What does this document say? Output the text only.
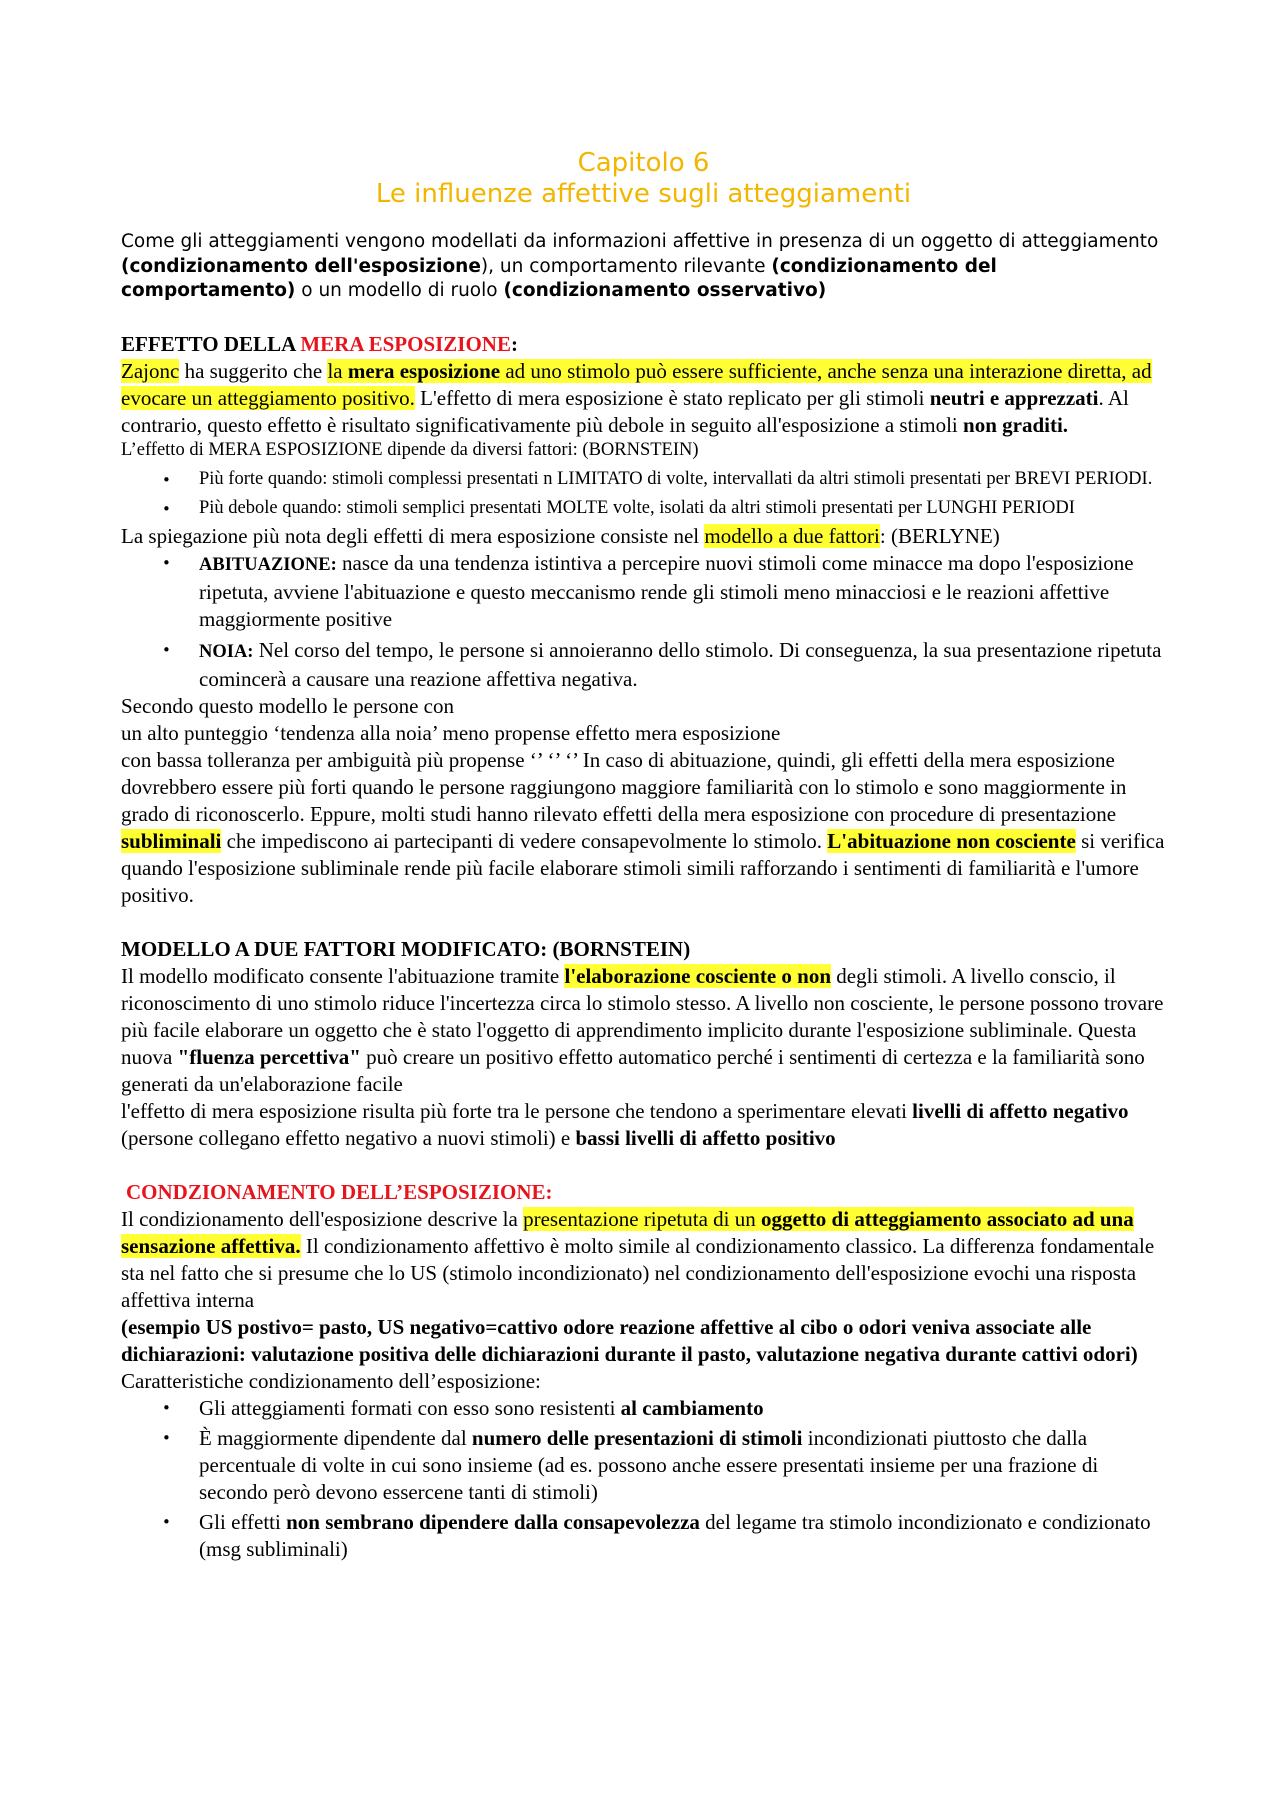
Capitolo 6
Le influenze affettive sugli atteggiamenti
Come gli atteggiamenti vengono modellati da informazioni affettive in presenza di un oggetto di atteggiamento (condizionamento dell'esposizione), un comportamento rilevante (condizionamento del comportamento) o un modello di ruolo (condizionamento osservativo)
EFFETTO DELLA MERA ESPOSIZIONE:
Zajonc ha suggerito che la mera esposizione ad uno stimolo può essere sufficiente, anche senza una interazione diretta, ad evocare un atteggiamento positivo. L'effetto di mera esposizione è stato replicato per gli stimoli neutri e apprezzati. Al contrario, questo effetto è risultato significativamente più debole in seguito all'esposizione a stimoli non graditi.
L’effetto di MERA ESPOSIZIONE dipende da diversi fattori: (BORNSTEIN)
• Più forte quando: stimoli complessi presentati n LIMITATO di volte, intervallati da altri stimoli presentati per BREVI PERIODI.
• Più debole quando: stimoli semplici presentati MOLTE volte, isolati da altri stimoli presentati per LUNGHI PERIODI
La spiegazione più nota degli effetti di mera esposizione consiste nel modello a due fattori: (BERLYNE)
• ABITUAZIONE: nasce da una tendenza istintiva a percepire nuovi stimoli come minacce ma dopo l'esposizione ripetuta, avviene l'abituazione e questo meccanismo rende gli stimoli meno minacciosi e le reazioni affettive maggiormente positive
• NOIA: Nel corso del tempo, le persone si annoieranno dello stimolo. Di conseguenza, la sua presentazione ripetuta comincerà a causare una reazione affettiva negativa.
Secondo questo modello le persone con
un alto punteggio ‘tendenza alla noia’ meno propense effetto mera esposizione
con bassa tolleranza per ambiguità più propense ‘’ ‘’ ‘’ In caso di abituazione, quindi, gli effetti della mera esposizione dovrebbero essere più forti quando le persone raggiungono maggiore familiarità con lo stimolo e sono maggiormente in grado di riconoscerlo. Eppure, molti studi hanno rilevato effetti della mera esposizione con procedure di presentazione subliminali che impediscono ai partecipanti di vedere consapevolmente lo stimolo. L'abituazione non cosciente si verifica quando l'esposizione subliminale rende più facile elaborare stimoli simili rafforzando i sentimenti di familiarità e l'umore positivo.
MODELLO A DUE FATTORI MODIFICATO: (BORNSTEIN)
Il modello modificato consente l'abituazione tramite l'elaborazione cosciente o non degli stimoli. A livello conscio, il riconoscimento di uno stimolo riduce l'incertezza circa lo stimolo stesso. A livello non cosciente, le persone possono trovare più facile elaborare un oggetto che è stato l'oggetto di apprendimento implicito durante l'esposizione subliminale. Questa nuova "fluenza percettiva" può creare un positivo effetto automatico perché i sentimenti di certezza e la familiarità sono generati da un'elaborazione facile
l'effetto di mera esposizione risulta più forte tra le persone che tendono a sperimentare elevati livelli di affetto negativo (persone collegano effetto negativo a nuovi stimoli) e bassi livelli di affetto positivo
CONDZIONAMENTO DELL’ESPOSIZIONE:
Il condizionamento dell'esposizione descrive la presentazione ripetuta di un oggetto di atteggiamento associato ad una sensazione affettiva. Il condizionamento affettivo è molto simile al condizionamento classico. La differenza fondamentale sta nel fatto che si presume che lo US (stimolo incondizionato) nel condizionamento dell'esposizione evochi una risposta affettiva interna
(esempio US postivo= pasto, US negativo=cattivo odore reazione affettive al cibo o odori veniva associate alle dichiarazioni: valutazione positiva delle dichiarazioni durante il pasto, valutazione negativa durante cattivi odori)
Caratteristiche condizionamento dell’esposizione:
• Gli atteggiamenti formati con esso sono resistenti al cambiamento
• È maggiormente dipendente dal numero delle presentazioni di stimoli incondizionati piuttosto che dalla percentuale di volte in cui sono insieme (ad es. possono anche essere presentati insieme per una frazione di secondo però devono essercene tanti di stimoli)
• Gli effetti non sembrano dipendere dalla consapevolezza del legame tra stimolo incondizionato e condizionato (msg subliminali)
